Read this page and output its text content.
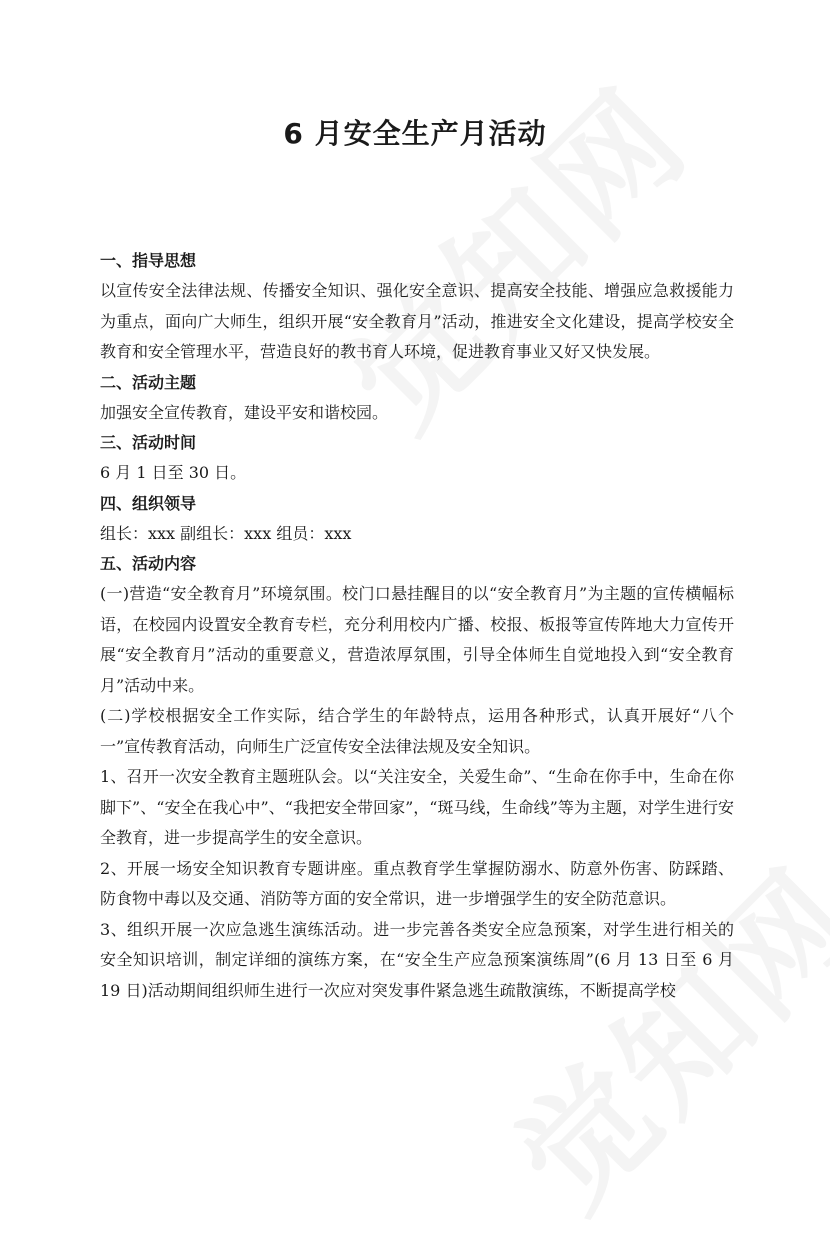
6 月安全生产月活动

一、指导思想

以宣传安全法律法规、传播安全知识、强化安全意识、提高安全技能、增强应急救援能力为重点，面向广大师生，组织开展“安全教育月”活动，推进安全文化建设，提高学校安全教育和安全管理水平，营造良好的教书育人环境，促进教育事业又好又快发展。

二、活动主题

加强安全宣传教育，建设平安和谐校园。

三、活动时间

6 月 1 日至 30 日。

四、组织领导

组长：xxx 副组长：xxx 组员：xxx

五、活动内容

(一)营造“安全教育月”环境氛围。校门口悬挂醒目的以“安全教育月”为主题的宣传横幅标语，在校园内设置安全教育专栏，充分利用校内广播、校报、板报等宣传阵地大力宣传开展“安全教育月”活动的重要意义，营造浓厚氛围，引导全体师生自觉地投入到“安全教育月”活动中来。

(二)学校根据安全工作实际，结合学生的年龄特点，运用各种形式，认真开展好“八个一”宣传教育活动，向师生广泛宣传安全法律法规及安全知识。

1、召开一次安全教育主题班队会。以“关注安全，关爱生命”、“生命在你手中，生命在你脚下”、“安全在我心中”、“我把安全带回家”，“斑马线，生命线”等为主题，对学生进行安全教育，进一步提高学生的安全意识。

2、开展一场安全知识教育专题讲座。重点教育学生掌握防溺水、防意外伤害、防踩踏、防食物中毒以及交通、消防等方面的安全常识，进一步增强学生的安全防范意识。

3、组织开展一次应急逃生演练活动。进一步完善各类安全应急预案，对学生进行相关的安全知识培训，制定详细的演练方案，在“安全生产应急预案演练周”(6 月 13 日至 6 月 19 日)活动期间组织师生进行一次应对突发事件紧急逃生疏散演练，不断提高学校
